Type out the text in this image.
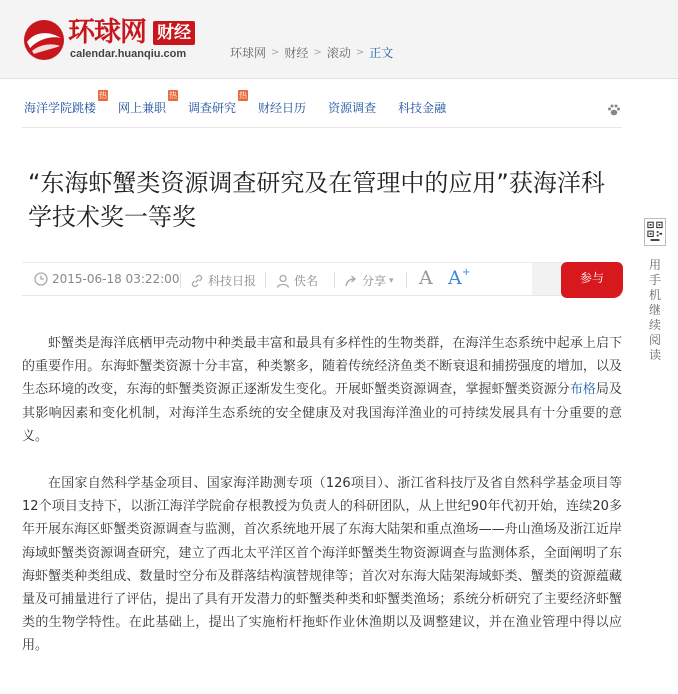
环球网 财经
calendar.huanqiu.com	环球网 > 财经 > 滚动 > 正文
海洋学院跳楼
热
网上兼职
热
调查研究
热
财经日历 资源调查 科技金融
“东海虾蟹类资源调查研究及在管理中的应用”获海洋科学技术奖一等奖
2015-06-18 03:22:00 科技日报	佚名	分享 ▾ A A +	参与
用手机继续阅读

虾蟹类是海洋底栖甲壳动物中种类最丰富和最具有多样性的生物类群，在海洋生态系统中起承上启下的重要作用。东海虾蟹类资源十分丰富，种类繁多，随着传统经济鱼类不断衰退和捕捞强度的增加，以及生态环境的改变，东海的虾蟹类资源正逐渐发生变化。开展虾蟹类资源调查，掌握虾蟹类资源分布格局及其影响因素和变化机制，对海洋生态系统的安全健康及对我国海洋渔业的可持续发展具有十分重要的意义。

在国家自然科学基金项目、国家海洋勘测专项（126项目）、浙江省科技厅及省自然科学基金项目等12个项目支持下，以浙江海洋学院俞存根教授为负责人的科研团队，从上世纪90年代初开始，连续20多年开展东海区虾蟹类资源调查与监测，首次系统地开展了东海大陆架和重点渔场——舟山渔场及浙江近岸海域虾蟹类资源调查研究，建立了西北太平洋区首个海洋虾蟹类生物资源调查与监测体系，全面阐明了东海虾蟹类种类组成、数量时空分布及群落结构演替规律等；首次对东海大陆架海域虾类、蟹类的资源蕴藏量及可捕量进行了评估，提出了具有开发潜力的虾蟹类种类和虾蟹类渔场；系统分析研究了主要经济虾蟹类的生物学特性。在此基础上，提出了实施桁杆拖虾作业休渔期以及调整建议，并在渔业管理中得以应用。
